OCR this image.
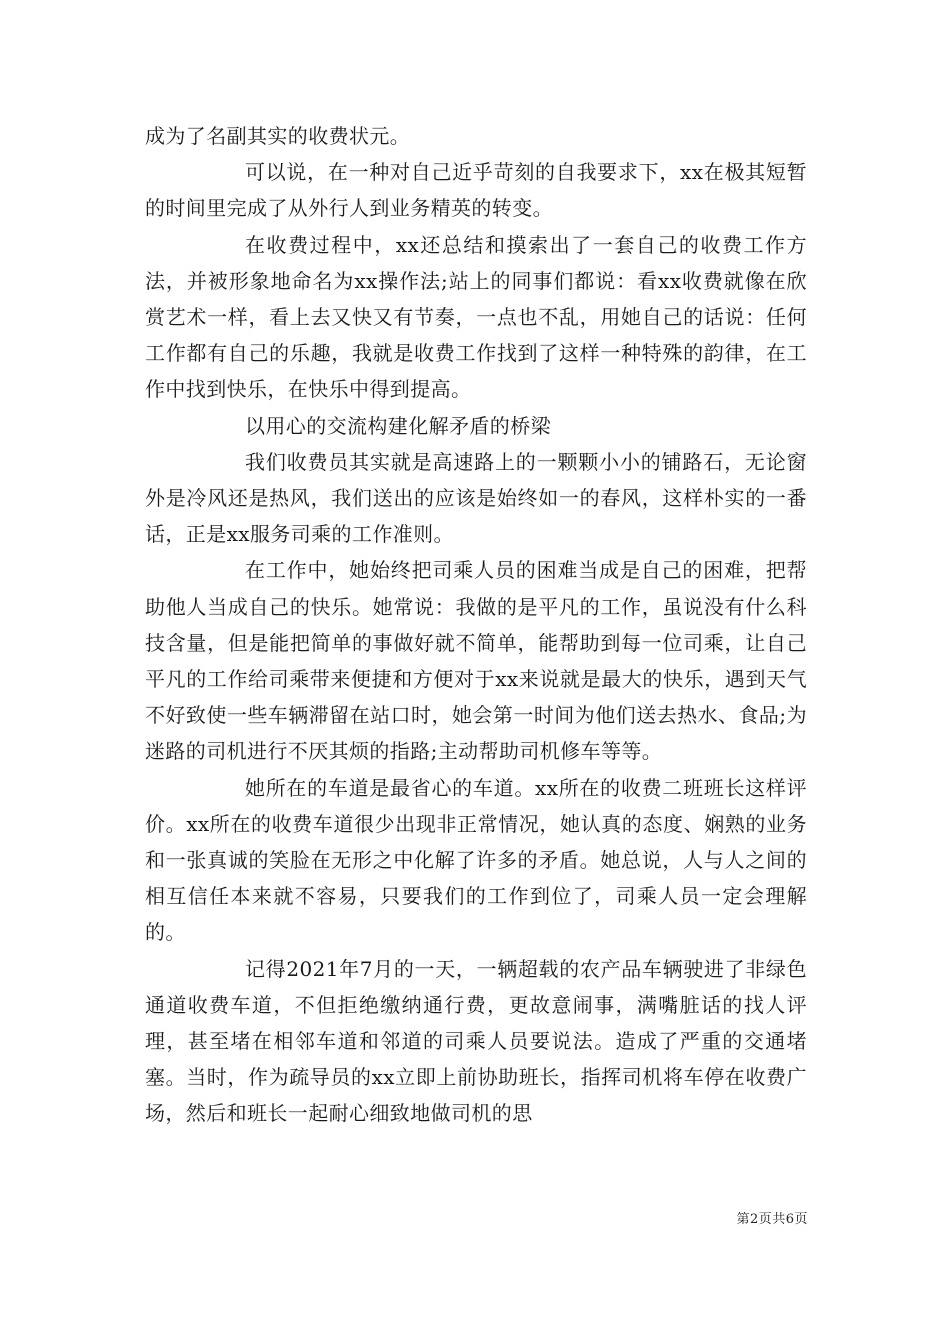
成为了名副其实的收费状元。

可以说，在一种对自己近乎苛刻的自我要求下，xx在极其短暂的时间里完成了从外行人到业务精英的转变。

在收费过程中，xx还总结和摸索出了一套自己的收费工作方法，并被形象地命名为xx操作法;站上的同事们都说：看xx收费就像在欣赏艺术一样，看上去又快又有节奏，一点也不乱，用她自己的话说：任何工作都有自己的乐趣，我就是收费工作找到了这样一种特殊的韵律，在工作中找到快乐，在快乐中得到提高。

以用心的交流构建化解矛盾的桥梁

我们收费员其实就是高速路上的一颗颗小小的铺路石，无论窗外是冷风还是热风，我们送出的应该是始终如一的春风，这样朴实的一番话，正是xx服务司乘的工作准则。

在工作中，她始终把司乘人员的困难当成是自己的困难，把帮助他人当成自己的快乐。她常说：我做的是平凡的工作，虽说没有什么科技含量，但是能把简单的事做好就不简单，能帮助到每一位司乘，让自己平凡的工作给司乘带来便捷和方便对于xx来说就是最大的快乐，遇到天气不好致使一些车辆滞留在站口时，她会第一时间为他们送去热水、食品;为迷路的司机进行不厌其烦的指路;主动帮助司机修车等等。

她所在的车道是最省心的车道。xx所在的收费二班班长这样评价。xx所在的收费车道很少出现非正常情况，她认真的态度、娴熟的业务和一张真诚的笑脸在无形之中化解了许多的矛盾。她总说，人与人之间的相互信任本来就不容易，只要我们的工作到位了，司乘人员一定会理解的。

记得2021年7月的一天，一辆超载的农产品车辆驶进了非绿色通道收费车道，不但拒绝缴纳通行费，更故意闹事，满嘴脏话的找人评理，甚至堵在相邻车道和邻道的司乘人员要说法。造成了严重的交通堵塞。当时，作为疏导员的xx立即上前协助班长，指挥司机将车停在收费广场，然后和班长一起耐心细致地做司机的思

第2页共6页
